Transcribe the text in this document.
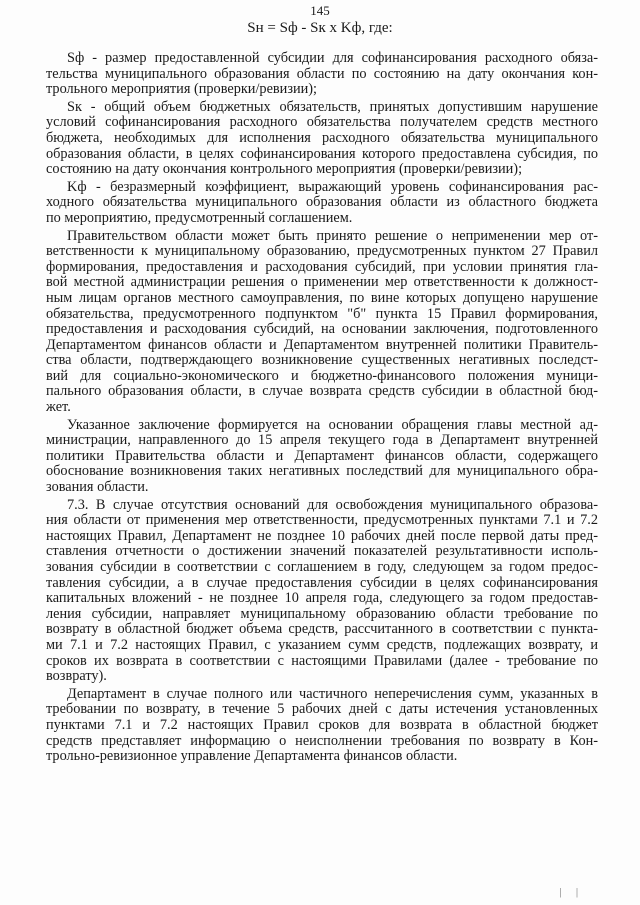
145
Sн = Sф - Sк x Kф, где:
Sф - размер предоставленной субсидии для софинансирования расходного обяза-
тельства муниципального образования области по состоянию на дату окончания кон-
трольного мероприятия (проверки/ревизии);
Sк - общий объем бюджетных обязательств, принятых допустившим нарушение
условий софинансирования расходного обязательства получателем средств местного
бюджета, необходимых для исполнения расходного обязательства муниципального
образования области, в целях софинансирования которого предоставлена субсидия, по
состоянию на дату окончания контрольного мероприятия (проверки/ревизии);
Kф - безразмерный коэффициент, выражающий уровень софинансирования рас-
ходного обязательства муниципального образования области из областного бюджета
по мероприятию, предусмотренный соглашением.
Правительством области может быть принято решение о неприменении мер от-
ветственности к муниципальному образованию, предусмотренных пунктом 27 Правил
формирования, предоставления и расходования субсидий, при условии принятия гла-
вой местной администрации решения о применении мер ответственности к должност-
ным лицам органов местного самоуправления, по вине которых допущено нарушение
обязательства, предусмотренного подпунктом "б" пункта 15 Правил формирования,
предоставления и расходования субсидий, на основании заключения, подготовленного
Департаментом финансов области и Департаментом внутренней политики Правитель-
ства области, подтверждающего возникновение существенных негативных последст-
вий для социально-экономического и бюджетно-финансового положения муници-
пального образования области, в случае возврата средств субсидии в областной бюд-
жет.
Указанное заключение формируется на основании обращения главы местной ад-
министрации, направленного до 15 апреля текущего года в Департамент внутренней
политики Правительства области и Департамент финансов области, содержащего
обоснование возникновения таких негативных последствий для муниципального обра-
зования области.
7.3. В случае отсутствия оснований для освобождения муниципального образова-
ния области от применения мер ответственности, предусмотренных пунктами 7.1 и 7.2
настоящих Правил, Департамент не позднее 10 рабочих дней после первой даты пред-
ставления отчетности о достижении значений показателей результативности исполь-
зования субсидии в соответствии с соглашением в году, следующем за годом предос-
тавления субсидии, а в случае предоставления субсидии в целях софинансирования
капитальных вложений - не позднее 10 апреля года, следующего за годом предостав-
ления субсидии, направляет муниципальному образованию области требование по
возврату в областной бюджет объема средств, рассчитанного в соответствии с пункта-
ми 7.1 и 7.2 настоящих Правил, с указанием сумм средств, подлежащих возврату, и
сроков их возврата в соответствии с настоящими Правилами (далее - требование по
возврату).
Департамент в случае полного или частичного неперечисления сумм, указанных в
требовании по возврату, в течение 5 рабочих дней с даты истечения установленных
пунктами 7.1 и 7.2 настоящих Правил сроков для возврата в областной бюджет
средств представляет информацию о неисполнении требования по возврату в Кон-
трольно-ревизионное управление Департамента финансов области.
| |
